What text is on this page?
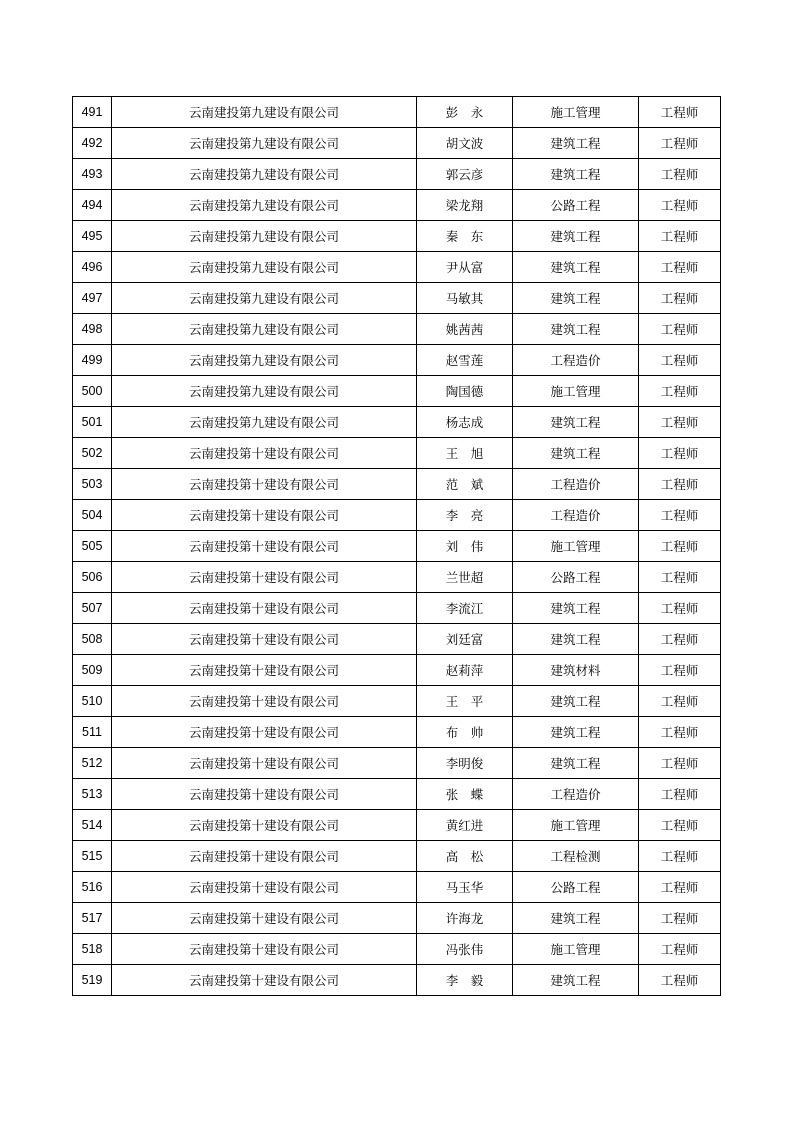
491	云南建投第九建设有限公司	彭　永	施工管理	工程师
492	云南建投第九建设有限公司	胡文波	建筑工程	工程师
493	云南建投第九建设有限公司	郭云彦	建筑工程	工程师
494	云南建投第九建设有限公司	梁龙翔	公路工程	工程师
495	云南建投第九建设有限公司	秦　东	建筑工程	工程师
496	云南建投第九建设有限公司	尹从富	建筑工程	工程师
497	云南建投第九建设有限公司	马敏其	建筑工程	工程师
498	云南建投第九建设有限公司	姚茜茜	建筑工程	工程师
499	云南建投第九建设有限公司	赵雪莲	工程造价	工程师
500	云南建投第九建设有限公司	陶国德	施工管理	工程师
501	云南建投第九建设有限公司	杨志成	建筑工程	工程师
502	云南建投第十建设有限公司	王　旭	建筑工程	工程师
503	云南建投第十建设有限公司	范　斌	工程造价	工程师
504	云南建投第十建设有限公司	李　亮	工程造价	工程师
505	云南建投第十建设有限公司	刘　伟	施工管理	工程师
506	云南建投第十建设有限公司	兰世超	公路工程	工程师
507	云南建投第十建设有限公司	李流江	建筑工程	工程师
508	云南建投第十建设有限公司	刘廷富	建筑工程	工程师
509	云南建投第十建设有限公司	赵莉萍	建筑材料	工程师
510	云南建投第十建设有限公司	王　平	建筑工程	工程师
511	云南建投第十建设有限公司	布　帅	建筑工程	工程师
512	云南建投第十建设有限公司	李明俊	建筑工程	工程师
513	云南建投第十建设有限公司	张　蝶	工程造价	工程师
514	云南建投第十建设有限公司	黄红进	施工管理	工程师
515	云南建投第十建设有限公司	高　松	工程检测	工程师
516	云南建投第十建设有限公司	马玉华	公路工程	工程师
517	云南建投第十建设有限公司	许海龙	建筑工程	工程师
518	云南建投第十建设有限公司	冯张伟	施工管理	工程师
519	云南建投第十建设有限公司	李　毅	建筑工程	工程师
